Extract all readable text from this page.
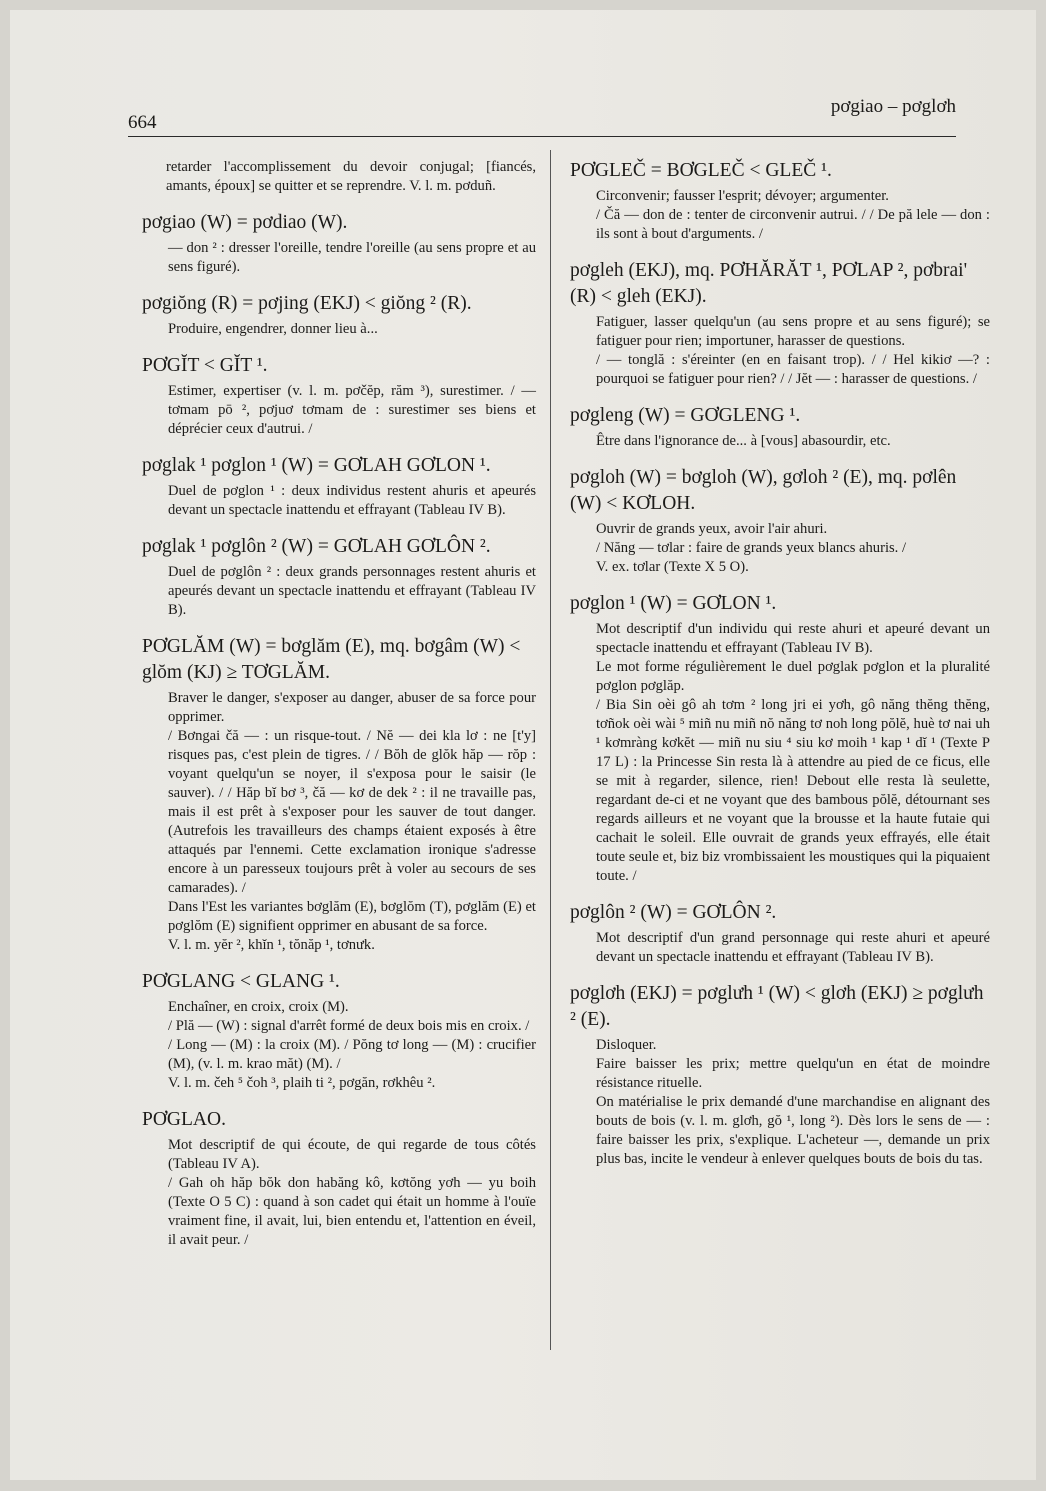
664
pơgiao – pơglơh
retarder l'accomplissement du devoir conjugal; [fiancés, amants, époux] se quitter et se reprendre. V. l. m. pơduñ.
pơgiao (W) = pơdiao (W).

— don ² : dresser l'oreille, tendre l'oreille (au sens propre et au sens figuré).

pơgiŏng (R) = pơjing (EKJ) < giŏng ² (R).

Produire, engendrer, donner lieu à...

PƠGĬT < GĬT ¹.

Estimer, expertiser (v. l. m. pơčĕp, răm ³), surestimer. / — tơmam pō ², pơjuơ tơmam de : surestimer ses biens et déprécier ceux d'autrui. /

pơglak ¹ pơglon ¹ (W) = GƠLAH GƠLON ¹.

Duel de pơglon ¹ : deux individus restent ahuris et apeurés devant un spectacle inattendu et effrayant (Tableau IV B).

pơglak ¹ pơglôn ² (W) = GƠLAH GƠLÔN ².

Duel de pơglôn ² : deux grands personnages restent ahuris et apeurés devant un spectacle inattendu et effrayant (Tableau IV B).

PƠGLĂM (W) = bơglăm (E), mq. bơgâm (W) < glŏm (KJ) ≥ TƠGLĂM.

Braver le danger, s'exposer au danger, abuser de sa force pour opprimer.

/ Bơngai čă — : un risque-tout. / Nĕ — dei kla lơ : ne [t'y] risques pas, c'est plein de tigres. / / Bŏh de glŏk hăp — rŏp : voyant quelqu'un se noyer, il s'exposa pour le saisir (le sauver). / / Hăp bĭ bơ ³, čă — kơ de dek ² : il ne travaille pas, mais il est prêt à s'exposer pour les sauver de tout danger. (Autrefois les travailleurs des champs étaient exposés à être attaqués par l'ennemi. Cette exclamation ironique s'adresse encore à un paresseux toujours prêt à voler au secours de ses camarades). /

Dans l'Est les variantes bơglăm (E), bơglŏm (T), pơglăm (E) et pơglŏm (E) signifient opprimer en abusant de sa force.

V. l. m. yĕr ², khĭn ¹, tŏnăp ¹, tơnưk.

PƠGLANG < GLANG ¹.

Enchaîner, en croix, croix (M).

/ Plă — (W) : signal d'arrêt formé de deux bois mis en croix. /

/ Long — (M) : la croix (M). / Pŏng tơ long — (M) : crucifier (M), (v. l. m. krao măt) (M). /

V. l. m. čeh ⁵ čoh ³, plaih ti ², pơgăn, rơkhêu ².

PƠGLAO.

Mot descriptif de qui écoute, de qui regarde de tous côtés (Tableau IV A).

/ Gah oh hăp bŏk don habăng kô, kơtŏng yơh — yu boih (Texte O 5 C) : quand à son cadet qui était un homme à l'ouïe vraiment fine, il avait, lui, bien entendu et, l'attention en éveil, il avait peur. /

PƠGLEČ = BƠGLEČ < GLEČ ¹.

Circonvenir; fausser l'esprit; dévoyer; argumenter.

/ Čă — don de : tenter de circonvenir autrui. / / De pă lele — don : ils sont à bout d'arguments. /

pơgleh (EKJ), mq. PƠHĂRĂT ¹, PƠLAP ², pơbrai' (R) < gleh (EKJ).

Fatiguer, lasser quelqu'un (au sens propre et au sens figuré); se fatiguer pour rien; importuner, harasser de questions.

/ — tonglă : s'éreinter (en en faisant trop). / / Hel kikiơ —? : pourquoi se fatiguer pour rien? / / Jĕt — : harasser de questions. /

pơgleng (W) = GƠGLENG ¹.

Être dans l'ignorance de... à [vous] abasourdir, etc.

pơgloh (W) = bơgloh (W), gơloh ² (E), mq. pơlên (W) < KƠLOH.

Ouvrir de grands yeux, avoir l'air ahuri.

/ Năng — tơlar : faire de grands yeux blancs ahuris. /

V. ex. tơlar (Texte X 5 O).

pơglon ¹ (W) = GƠLON ¹.

Mot descriptif d'un individu qui reste ahuri et apeuré devant un spectacle inattendu et effrayant (Tableau IV B).

Le mot forme régulièrement le duel pơglak pơglon et la pluralité pơglon pơglăp.

/ Bia Sin oèi gô ah tơm ² long jri ei yơh, gô năng thĕng thĕng, tơñok oèi wài ⁵ miñ nu miñ nŏ năng tơ noh long pŏlĕ, huè tơ nai uh ¹ kơmràng kơkĕt — miñ nu siu ⁴ siu kơ moih ¹ kap ¹ dĭ ¹ (Texte P 17 L) : la Princesse Sin resta là à attendre au pied de ce ficus, elle se mit à regarder, silence, rien! Debout elle resta là seulette, regardant de-ci et ne voyant que des bambous pŏlĕ, détournant ses regards ailleurs et ne voyant que la brousse et la haute futaie qui cachait le soleil. Elle ouvrait de grands yeux effrayés, elle était toute seule et, biz biz vrombissaient les moustiques qui la piquaient toute. /

pơglôn ² (W) = GƠLÔN ².

Mot descriptif d'un grand personnage qui reste ahuri et apeuré devant un spectacle inattendu et effrayant (Tableau IV B).

pơglơh (EKJ) = pơglưh ¹ (W) < glơh (EKJ) ≥ pơglưh ² (E).

Disloquer.

Faire baisser les prix; mettre quelqu'un en état de moindre résistance rituelle.

On matérialise le prix demandé d'une marchandise en alignant des bouts de bois (v. l. m. glơh, gŏ ¹, long ²). Dès lors le sens de — : faire baisser les prix, s'explique. L'acheteur —, demande un prix plus bas, incite le vendeur à enlever quelques bouts de bois du tas.
